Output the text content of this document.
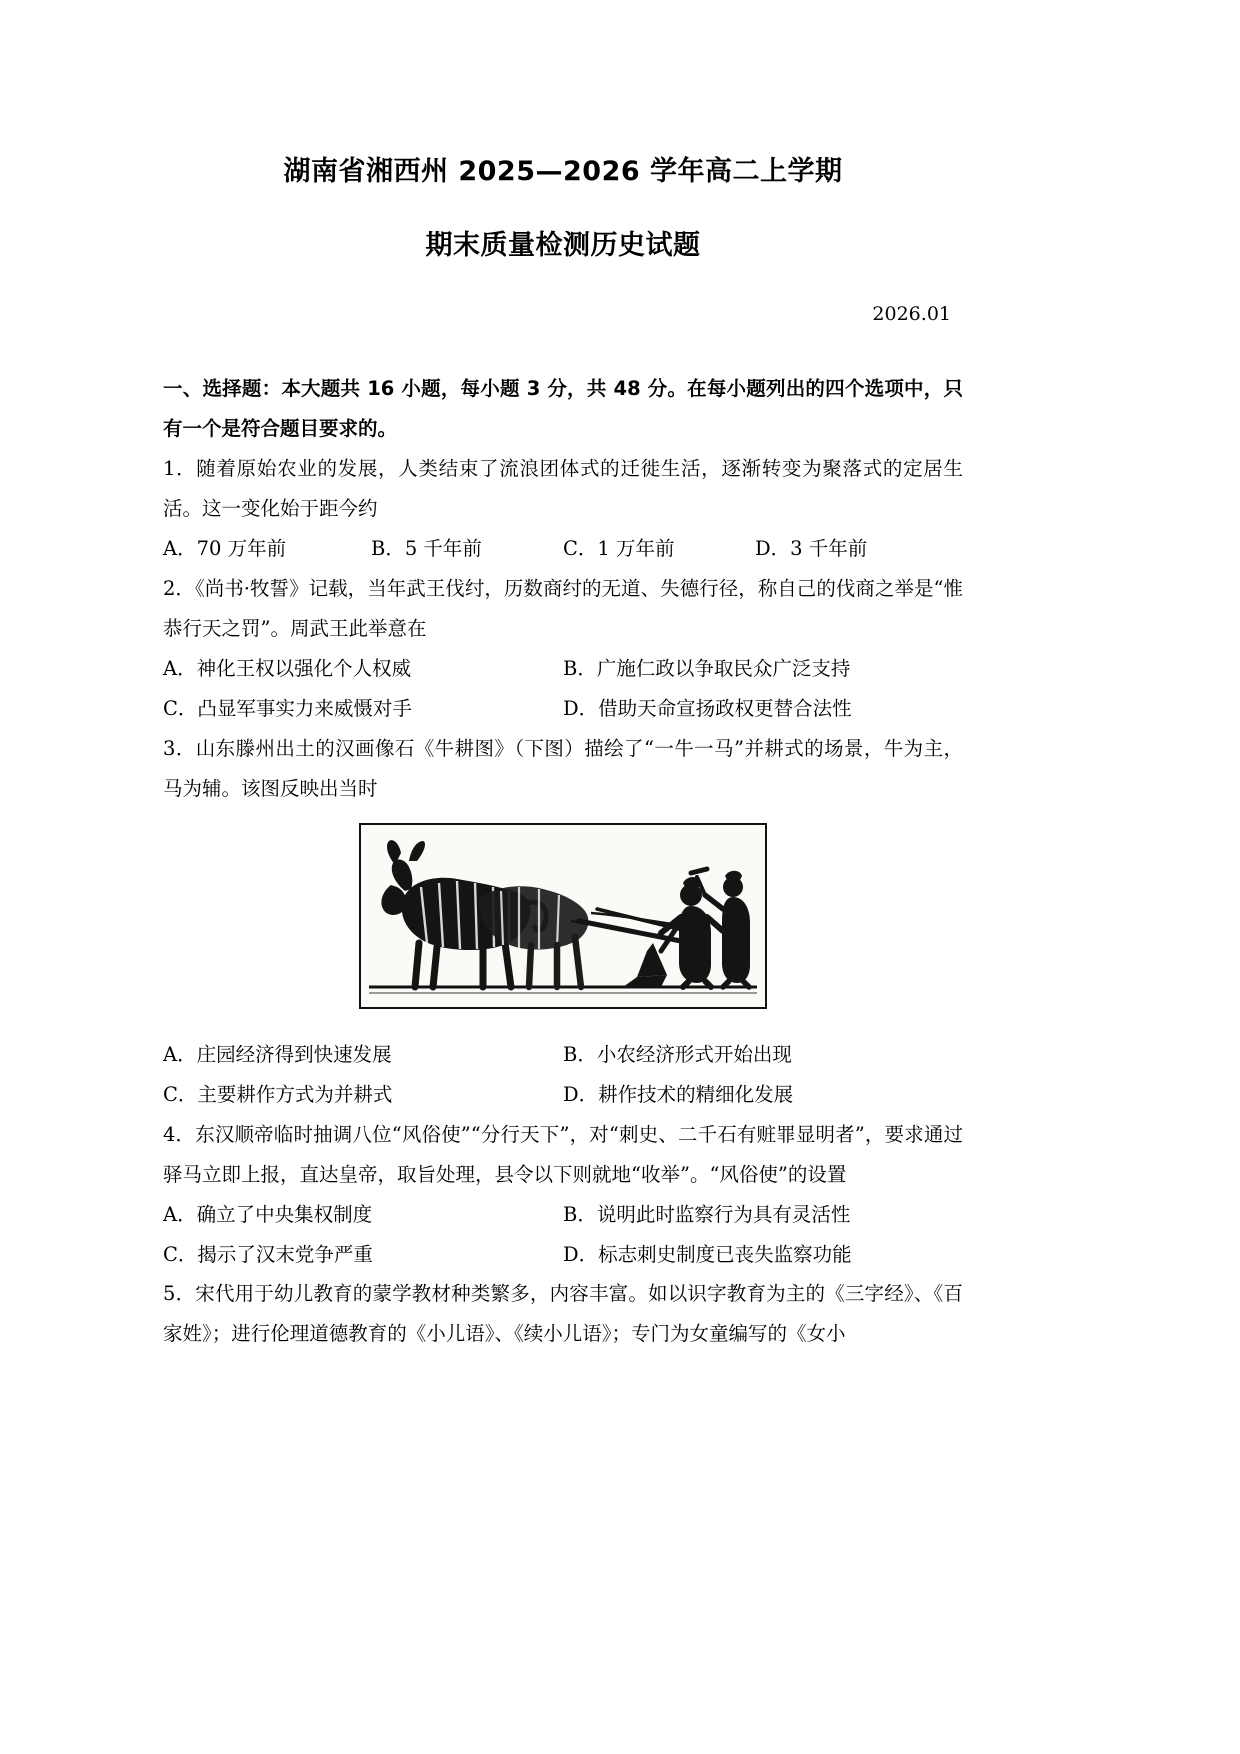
湖南省湘西州 2025—2026 学年高二上学期
期末质量检测历史试题
2026.01
一、选择题：本大题共 16 小题，每小题 3 分，共 48 分。在每小题列出的四个选项中，只有一个是符合题目要求的。

1．随着原始农业的发展，人类结束了流浪团体式的迁徙生活，逐渐转变为聚落式的定居生活。这一变化始于距今约

A．70 万年前	B．5 千年前	C．1 万年前	D．3 千年前

2．《尚书·牧誓》记载，当年武王伐纣，历数商纣的无道、失德行径，称自己的伐商之举是“惟恭行天之罚”。周武王此举意在

A．神化王权以强化个人权威	B．广施仁政以争取民众广泛支持
C．凸显军事实力来威慑对手	D．借助天命宣扬政权更替合法性

3．山东滕州出土的汉画像石《牛耕图》（下图）描绘了“一牛一马”并耕式的场景，牛为主，马为辅。该图反映出当时

A．庄园经济得到快速发展	B．小农经济形式开始出现
C．主要耕作方式为并耕式	D．耕作技术的精细化发展

4．东汉顺帝临时抽调八位“风俗使”“分行天下”，对“刺史、二千石有赃罪显明者”，要求通过驿马立即上报，直达皇帝，取旨处理，县令以下则就地“收举”。“风俗使”的设置

A．确立了中央集权制度	B．说明此时监察行为具有灵活性
C．揭示了汉末党争严重	D．标志刺史制度已丧失监察功能

5．宋代用于幼儿教育的蒙学教材种类繁多，内容丰富。如以识字教育为主的《三字经》、《百家姓》；进行伦理道德教育的《小儿语》、《续小儿语》；专门为女童编写的《女小
